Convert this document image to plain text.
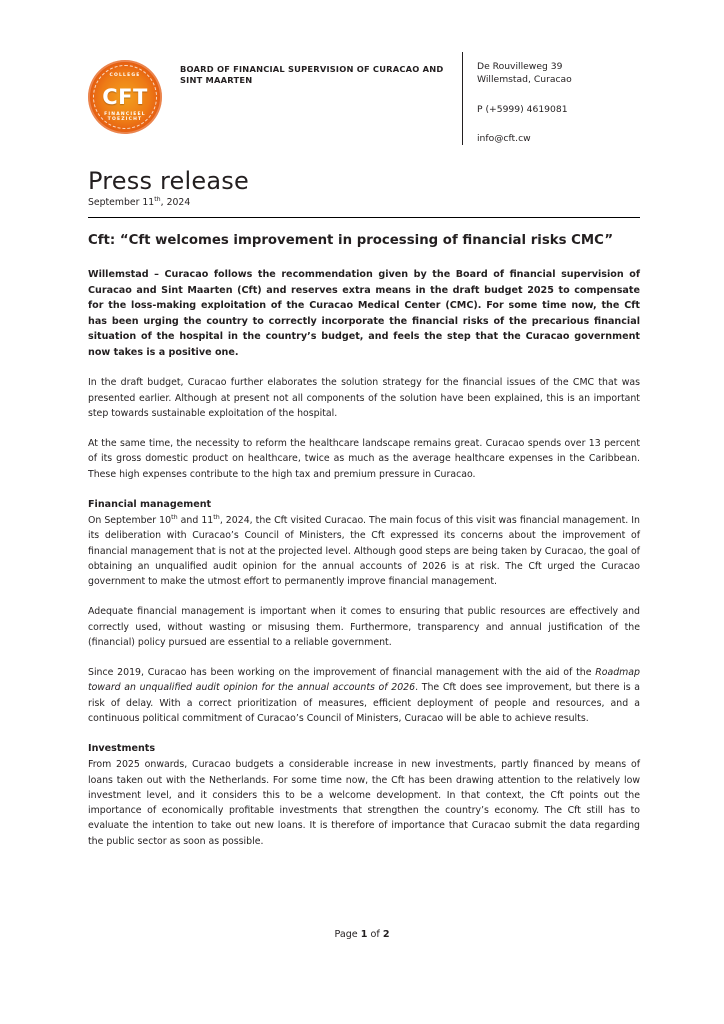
COLLEGE
CFT
FINANCIEEL TOEZICHT
BOARD OF FINANCIAL SUPERVISION OF CURACAO AND SINT MAARTEN
De Rouvilleweg 39
Willemstad, Curacao
P (+5999) 4619081
info@cft.cw
Press release
September 11th, 2024
Cft: “Cft welcomes improvement in processing of financial risks CMC”

Willemstad – Curacao follows the recommendation given by the Board of financial supervision of Curacao and Sint Maarten (Cft) and reserves extra means in the draft budget 2025 to compensate for the loss-making exploitation of the Curacao Medical Center (CMC). For some time now, the Cft has been urging the country to correctly incorporate the financial risks of the precarious financial situation of the hospital in the country’s budget, and feels the step that the Curacao government now takes is a positive one.

In the draft budget, Curacao further elaborates the solution strategy for the financial issues of the CMC that was presented earlier. Although at present not all components of the solution have been explained, this is an important step towards sustainable exploitation of the hospital.

At the same time, the necessity to reform the healthcare landscape remains great. Curacao spends over 13 percent of its gross domestic product on healthcare, twice as much as the average healthcare expenses in the Caribbean. These high expenses contribute to the high tax and premium pressure in Curacao.

Financial management

On September 10th and 11th, 2024, the Cft visited Curacao. The main focus of this visit was financial management. In its deliberation with Curacao’s Council of Ministers, the Cft expressed its concerns about the improvement of financial management that is not at the projected level. Although good steps are being taken by Curacao, the goal of obtaining an unqualified audit opinion for the annual accounts of 2026 is at risk. The Cft urged the Curacao government to make the utmost effort to permanently improve financial management.

Adequate financial management is important when it comes to ensuring that public resources are effectively and correctly used, without wasting or misusing them. Furthermore, transparency and annual justification of the (financial) policy pursued are essential to a reliable government.

Since 2019, Curacao has been working on the improvement of financial management with the aid of the Roadmap toward an unqualified audit opinion for the annual accounts of 2026. The Cft does see improvement, but there is a risk of delay. With a correct prioritization of measures, efficient deployment of people and resources, and a continuous political commitment of Curacao’s Council of Ministers, Curacao will be able to achieve results.

Investments

From 2025 onwards, Curacao budgets a considerable increase in new investments, partly financed by means of loans taken out with the Netherlands. For some time now, the Cft has been drawing attention to the relatively low investment level, and it considers this to be a welcome development. In that context, the Cft points out the importance of economically profitable investments that strengthen the country’s economy. The Cft still has to evaluate the intention to take out new loans. It is therefore of importance that Curacao submit the data regarding the public sector as soon as possible.

Page 1 of 2
